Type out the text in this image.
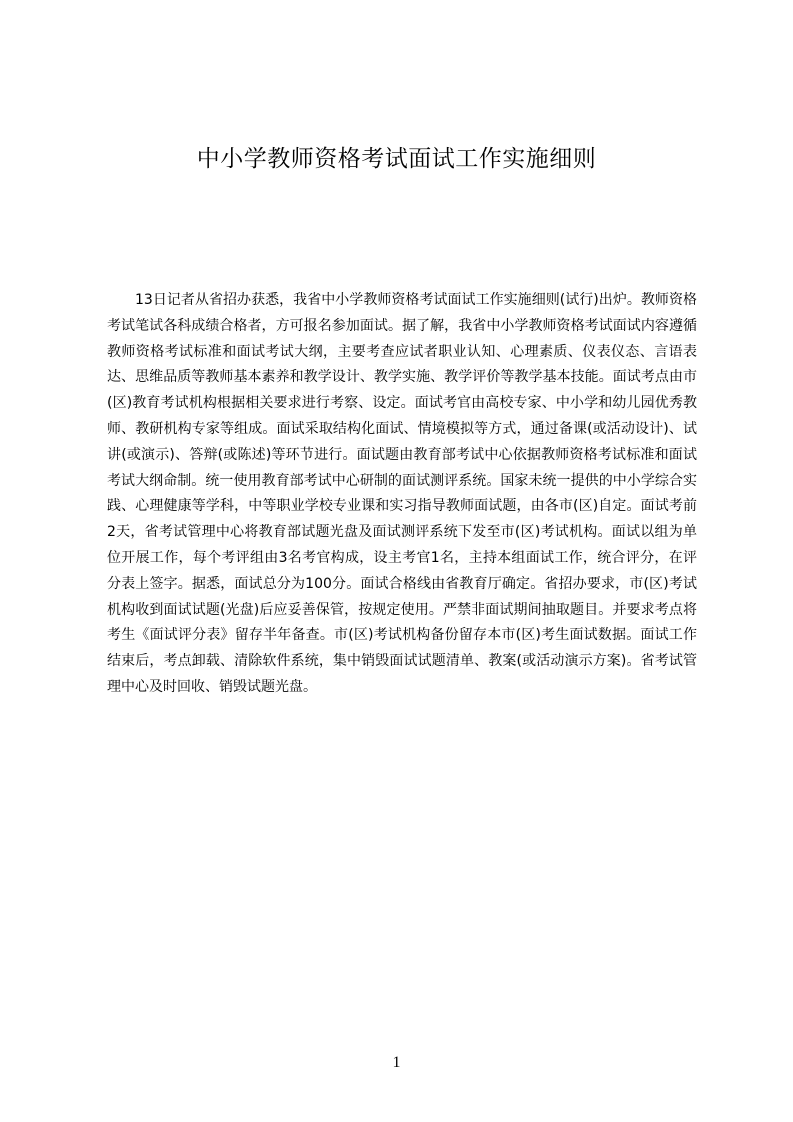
中小学教师资格考试面试工作实施细则

13日记者从省招办获悉，我省中小学教师资格考试面试工作实施细则(试行)出炉。教师资格考试笔试各科成绩合格者，方可报名参加面试。据了解，我省中小学教师资格考试面试内容遵循教师资格考试标准和面试考试大纲，主要考查应试者职业认知、心理素质、仪表仪态、言语表达、思维品质等教师基本素养和教学设计、教学实施、教学评价等教学基本技能。面试考点由市(区)教育考试机构根据相关要求进行考察、设定。面试考官由高校专家、中小学和幼儿园优秀教师、教研机构专家等组成。面试采取结构化面试、情境模拟等方式，通过备课(或活动设计)、试讲(或演示)、答辩(或陈述)等环节进行。面试题由教育部考试中心依据教师资格考试标准和面试考试大纲命制。统一使用教育部考试中心研制的面试测评系统。国家未统一提供的中小学综合实践、心理健康等学科，中等职业学校专业课和实习指导教师面试题，由各市(区)自定。面试考前2天，省考试管理中心将教育部试题光盘及面试测评系统下发至市(区)考试机构。面试以组为单位开展工作，每个考评组由3名考官构成，设主考官1名，主持本组面试工作，统合评分，在评分表上签字。据悉，面试总分为100分。面试合格线由省教育厅确定。省招办要求，市(区)考试机构收到面试试题(光盘)后应妥善保管，按规定使用。严禁非面试期间抽取题目。并要求考点将考生《面试评分表》留存半年备查。市(区)考试机构备份留存本市(区)考生面试数据。面试工作结束后，考点卸载、清除软件系统，集中销毁面试试题清单、教案(或活动演示方案)。省考试管理中心及时回收、销毁试题光盘。

1
